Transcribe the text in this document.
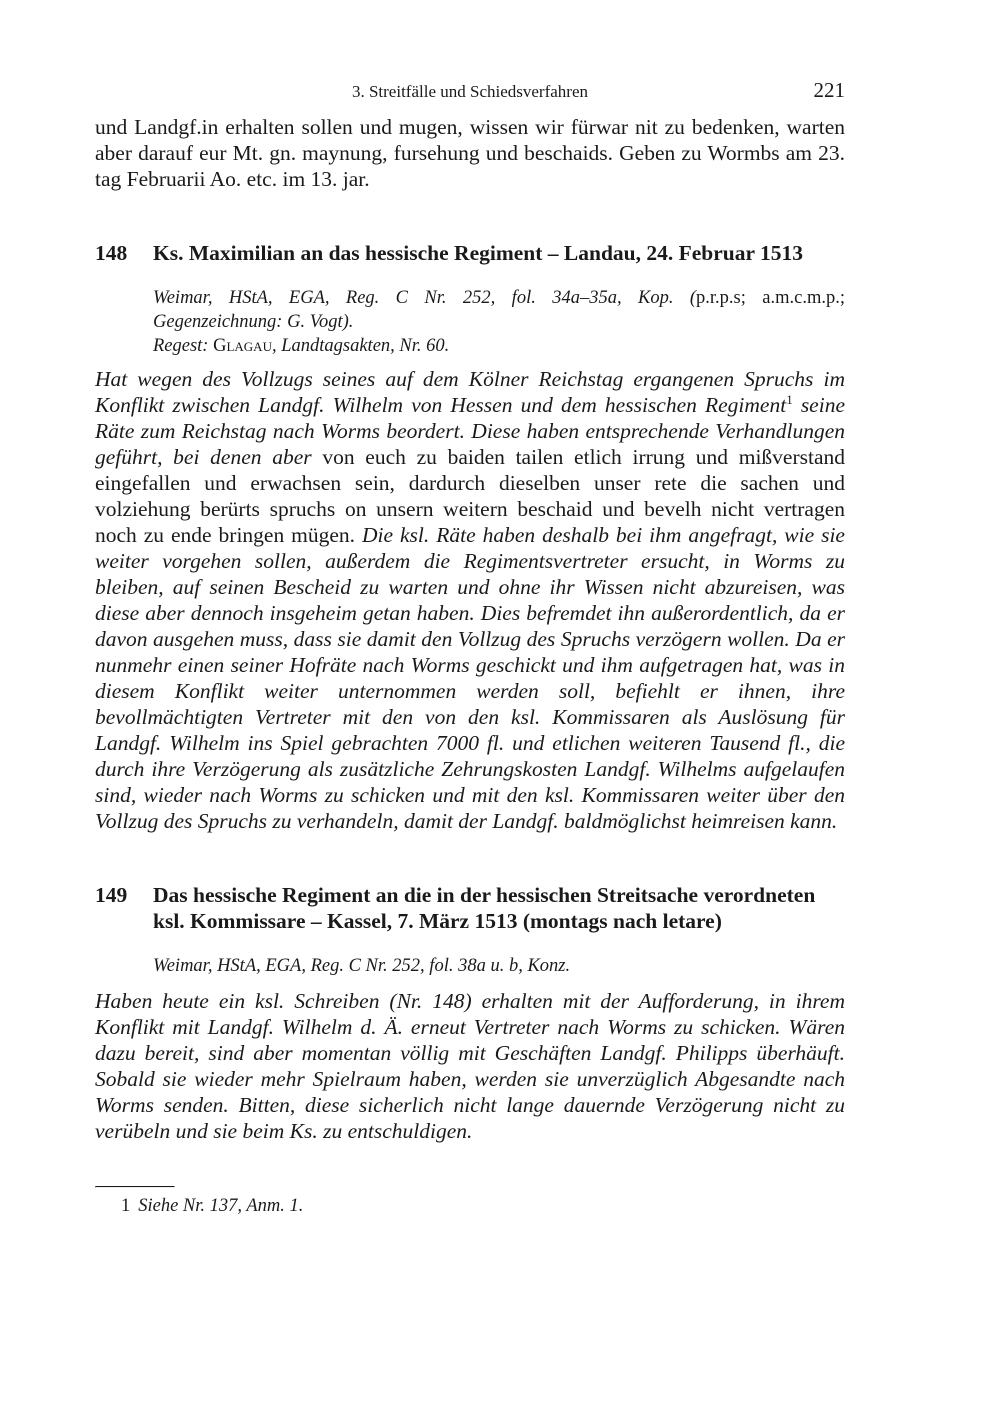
3. Streitfälle und Schiedsverfahren	221

und Landgf.in erhalten sollen und mugen, wissen wir fürwar nit zu bedenken, warten aber darauf eur Mt. gn. maynung, fursehung und beschaids. Geben zu Wormbs am 23. tag Februarii Ao. etc. im 13. jar.

148	Ks. Maximilian an das hessische Regiment – Landau, 24. Februar 1513

Weimar, HStA, EGA, Reg. C Nr. 252, fol. 34a–35a, Kop. (p.r.p.s; a.m.c.m.p.; Gegenzeichnung: G. Vogt).

Regest: Glagau, Landtagsakten, Nr. 60.

Hat wegen des Vollzugs seines auf dem Kölner Reichstag ergangenen Spruchs im Konflikt zwischen Landgf. Wilhelm von Hessen und dem hessischen Regiment$^1$ seine Räte zum Reichstag nach Worms beordert. Diese haben entsprechende Verhandlungen geführt, bei denen aber von euch zu baiden tailen etlich irrung und mißverstand eingefallen und erwachsen sein, dardurch dieselben unser rete die sachen und volziehung berürts spruchs on unsern weitern beschaid und bevelh nicht vertragen noch zu ende bringen mügen. Die ksl. Räte haben deshalb bei ihm angefragt, wie sie weiter vorgehen sollen, außerdem die Regimentsvertreter ersucht, in Worms zu bleiben, auf seinen Bescheid zu warten und ohne ihr Wissen nicht abzureisen, was diese aber dennoch insgeheim getan haben. Dies befremdet ihn außerordentlich, da er davon ausgehen muss, dass sie damit den Vollzug des Spruchs verzögern wollen. Da er nunmehr einen seiner Hofräte nach Worms geschickt und ihm aufgetragen hat, was in diesem Konflikt weiter unternommen werden soll, befiehlt er ihnen, ihre bevollmächtigten Vertreter mit den von den ksl. Kommissaren als Auslösung für Landgf. Wilhelm ins Spiel gebrachten 7000 fl. und etlichen weiteren Tausend fl., die durch ihre Verzögerung als zusätzliche Zehrungskosten Landgf. Wilhelms aufgelaufen sind, wieder nach Worms zu schicken und mit den ksl. Kommissaren weiter über den Vollzug des Spruchs zu verhandeln, damit der Landgf. baldmöglichst heimreisen kann.

149	Das hessische Regiment an die in der hessischen Streitsache verordneten ksl. Kommissare – Kassel, 7. März 1513 (montags nach letare)

Weimar, HStA, EGA, Reg. C Nr. 252, fol. 38a u. b, Konz.

Haben heute ein ksl. Schreiben (Nr. 148) erhalten mit der Aufforderung, in ihrem Konflikt mit Landgf. Wilhelm d. Ä. erneut Vertreter nach Worms zu schicken. Wären dazu bereit, sind aber momentan völlig mit Geschäften Landgf. Philipps überhäuft. Sobald sie wieder mehr Spielraum haben, werden sie unverzüglich Abgesandte nach Worms senden. Bitten, diese sicherlich nicht lange dauernde Verzögerung nicht zu verübeln und sie beim Ks. zu entschuldigen.

1 Siehe Nr. 137, Anm. 1.
